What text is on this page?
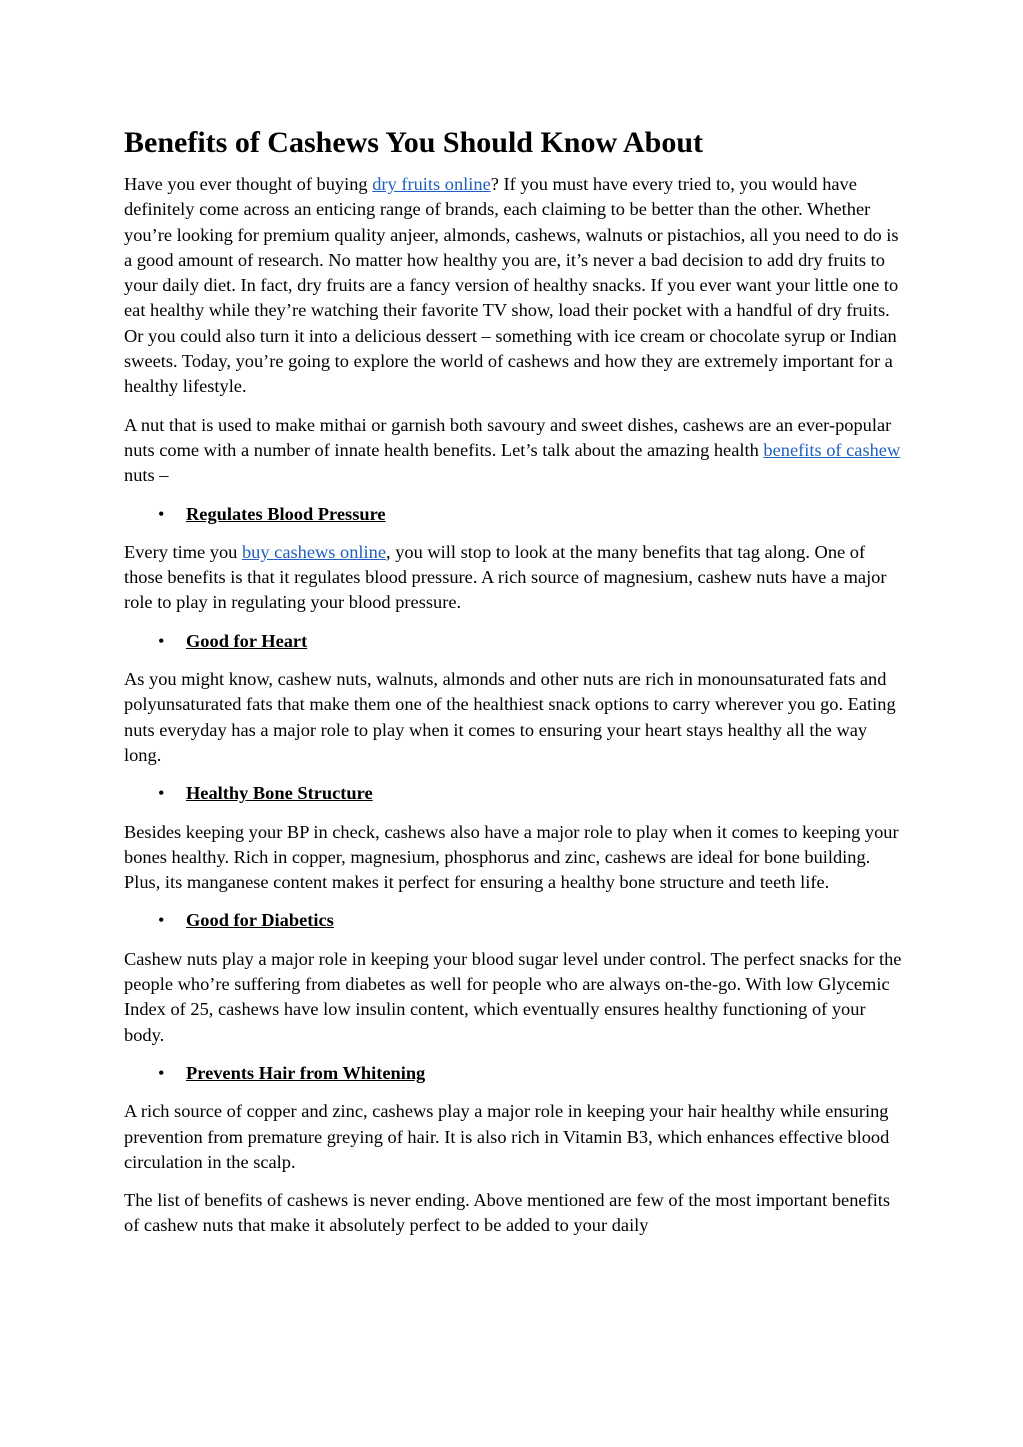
Benefits of Cashews You Should Know About

Have you ever thought of buying dry fruits online? If you must have every tried to, you would have definitely come across an enticing range of brands, each claiming to be better than the other. Whether you’re looking for premium quality anjeer, almonds, cashews, walnuts or pistachios, all you need to do is a good amount of research. No matter how healthy you are, it’s never a bad decision to add dry fruits to your daily diet. In fact, dry fruits are a fancy version of healthy snacks. If you ever want your little one to eat healthy while they’re watching their favorite TV show, load their pocket with a handful of dry fruits. Or you could also turn it into a delicious dessert – something with ice cream or chocolate syrup or Indian sweets. Today, you’re going to explore the world of cashews and how they are extremely important for a healthy lifestyle.

A nut that is used to make mithai or garnish both savoury and sweet dishes, cashews are an ever-popular nuts come with a number of innate health benefits. Let’s talk about the amazing health benefits of cashew nuts –

• Regulates Blood Pressure

Every time you buy cashews online, you will stop to look at the many benefits that tag along. One of those benefits is that it regulates blood pressure. A rich source of magnesium, cashew nuts have a major role to play in regulating your blood pressure.

• Good for Heart

As you might know, cashew nuts, walnuts, almonds and other nuts are rich in monounsaturated fats and polyunsaturated fats that make them one of the healthiest snack options to carry wherever you go. Eating nuts everyday has a major role to play when it comes to ensuring your heart stays healthy all the way long.

• Healthy Bone Structure

Besides keeping your BP in check, cashews also have a major role to play when it comes to keeping your bones healthy. Rich in copper, magnesium, phosphorus and zinc, cashews are ideal for bone building. Plus, its manganese content makes it perfect for ensuring a healthy bone structure and teeth life.

• Good for Diabetics

Cashew nuts play a major role in keeping your blood sugar level under control. The perfect snacks for the people who’re suffering from diabetes as well for people who are always on-the-go. With low Glycemic Index of 25, cashews have low insulin content, which eventually ensures healthy functioning of your body.

• Prevents Hair from Whitening

A rich source of copper and zinc, cashews play a major role in keeping your hair healthy while ensuring prevention from premature greying of hair. It is also rich in Vitamin B3, which enhances effective blood circulation in the scalp.

The list of benefits of cashews is never ending. Above mentioned are few of the most important benefits of cashew nuts that make it absolutely perfect to be added to your daily
